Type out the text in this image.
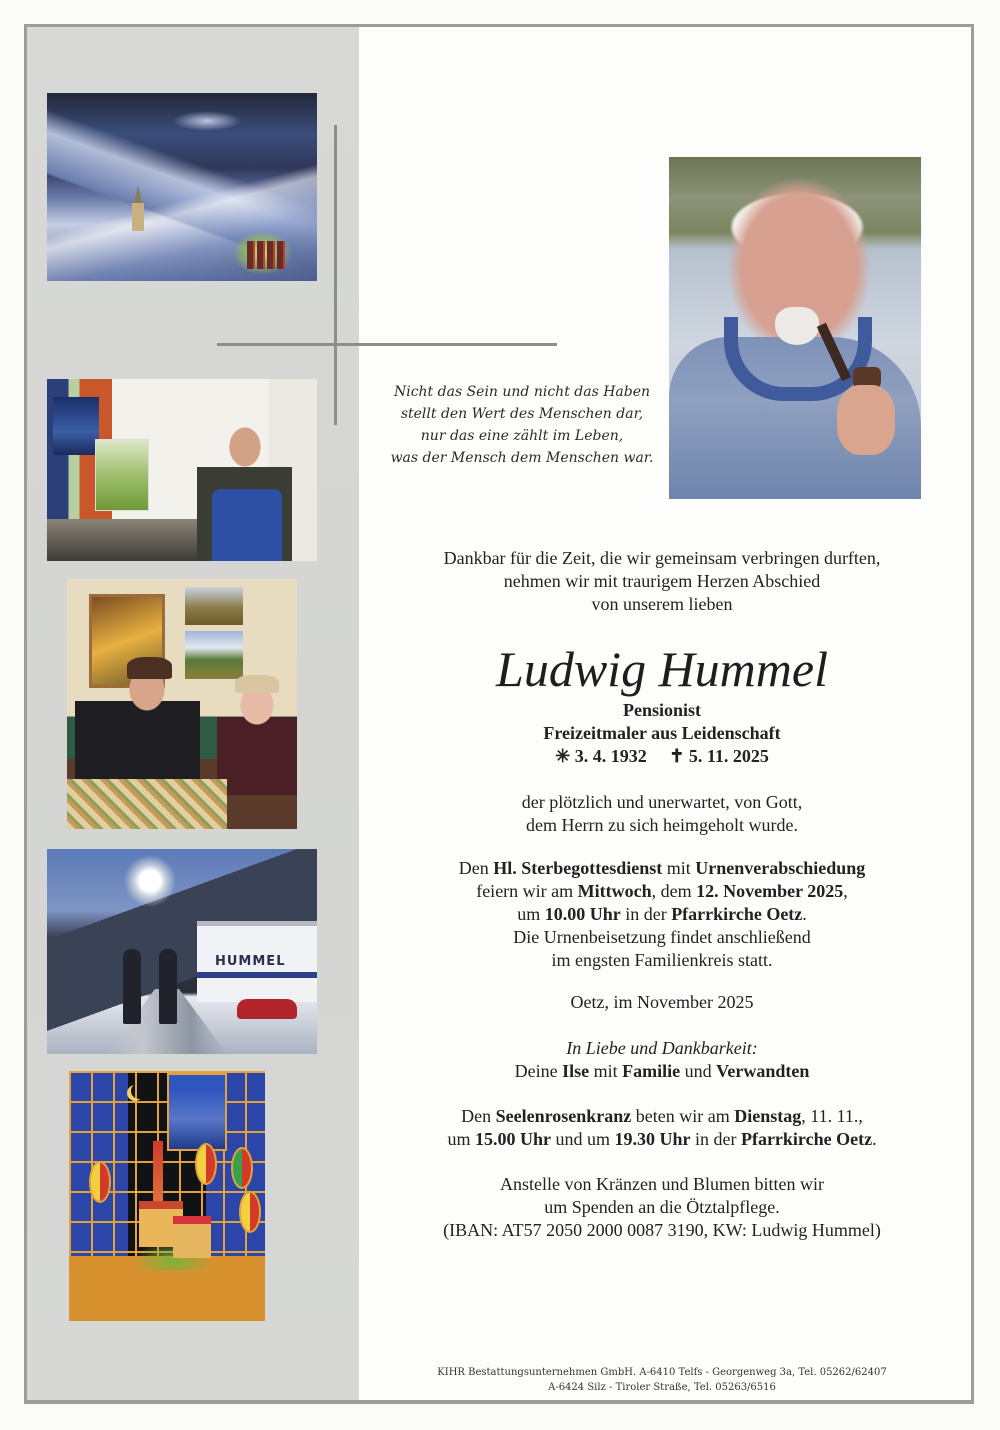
HUMMEL
Nicht das Sein und nicht das Haben
stellt den Wert des Menschen dar,
nur das eine zählt im Leben,
was der Mensch dem Menschen war.
Dankbar für die Zeit, die wir gemeinsam verbringen durften,
nehmen wir mit traurigem Herzen Abschied
von unserem lieben
Ludwig Hummel
Pensionist
Freizeitmaler aus Leidenschaft
✳ 3. 4. 1932 ✝ 5. 11. 2025
der plötzlich und unerwartet, von Gott,
dem Herrn zu sich heimgeholt wurde.
Den Hl. Sterbegottesdienst mit Urnenverabschiedung
feiern wir am Mittwoch, dem 12. November 2025,
um 10.00 Uhr in der Pfarrkirche Oetz.
Die Urnenbeisetzung findet anschließend
im engsten Familienkreis statt.
Oetz, im November 2025
In Liebe und Dankbarkeit:
Deine Ilse mit Familie und Verwandten
Den Seelenrosenkranz beten wir am Dienstag, 11. 11.,
um 15.00 Uhr und um 19.30 Uhr in der Pfarrkirche Oetz.
Anstelle von Kränzen und Blumen bitten wir
um Spenden an die Ötztalpflege.
(IBAN: AT57 2050 2000 0087 3190, KW: Ludwig Hummel)
KIHR Bestattungsunternehmen GmbH. A-6410 Telfs - Georgenweg 3a, Tel. 05262/62407
A-6424 Silz - Tiroler Straße, Tel. 05263/6516
